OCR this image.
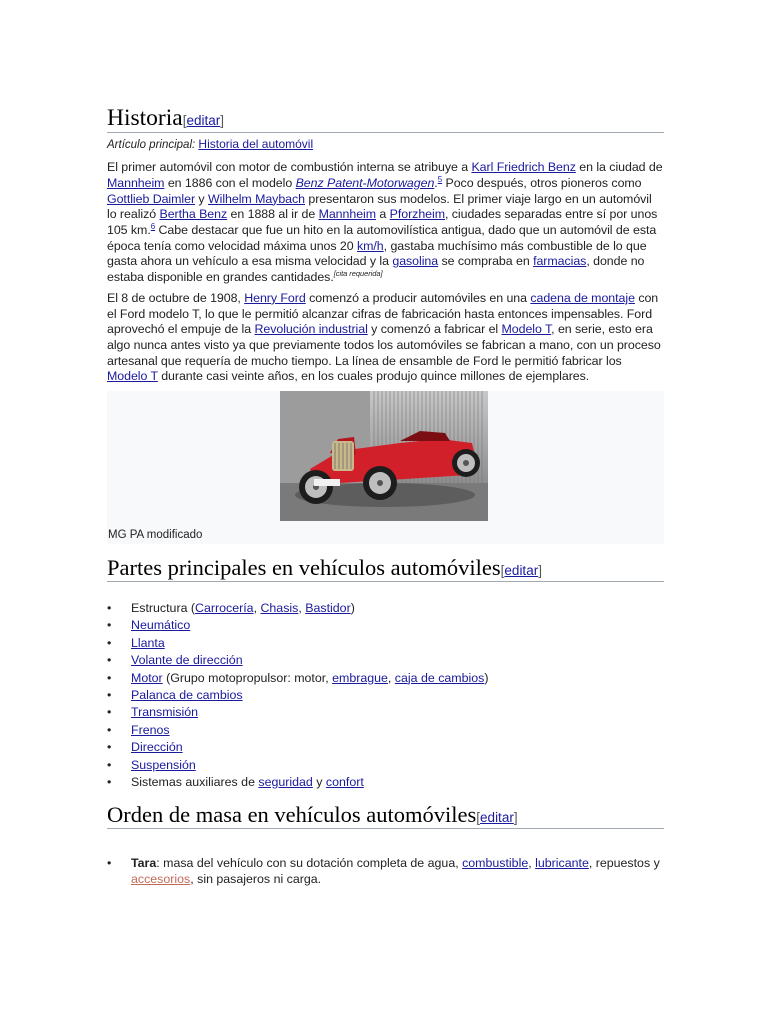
Historia[editar]
Artículo principal: Historia del automóvil

El primer automóvil con motor de combustión interna se atribuye a Karl Friedrich Benz en la ciudad de Mannheim en 1886 con el modelo Benz Patent-Motorwagen.$^5$ Poco después, otros pioneros como Gottlieb Daimler y Wilhelm Maybach presentaron sus modelos. El primer viaje largo en un automóvil lo realizó Bertha Benz en 1888 al ir de Mannheim a Pforzheim, ciudades separadas entre sí por unos 105 km.$^6$ Cabe destacar que fue un hito en la automovilística antigua, dado que un automóvil de esta época tenía como velocidad máxima unos 20 km/h, gastaba muchísimo más combustible de lo que gasta ahora un vehículo a esa misma velocidad y la gasolina se compraba en farmacias, donde no estaba disponible en grandes cantidades.[cita requerida]

El 8 de octubre de 1908, Henry Ford comenzó a producir automóviles en una cadena de montaje con el Ford modelo T, lo que le permitió alcanzar cifras de fabricación hasta entonces impensables. Ford aprovechó el empuje de la Revolución industrial y comenzó a fabricar el Modelo T, en serie, esto era algo nunca antes visto ya que previamente todos los automóviles se fabrican a mano, con un proceso artesanal que requería de mucho tiempo. La línea de ensamble de Ford le permitió fabricar los Modelo T durante casi veinte años, en los cuales produjo quince millones de ejemplares.

MG PA modificado
Partes principales en vehículos automóviles[editar]
• Estructura (Carrocería, Chasis, Bastidor)
• Neumático
• Llanta
• Volante de dirección
• Motor (Grupo motopropulsor: motor, embrague, caja de cambios)
• Palanca de cambios
• Transmisión
• Frenos
• Dirección
• Suspensión
• Sistemas auxiliares de seguridad y confort
Orden de masa en vehículos automóviles[editar]
• Tara: masa del vehículo con su dotación completa de agua, combustible, lubricante, repuestos y accesorios, sin pasajeros ni carga.
